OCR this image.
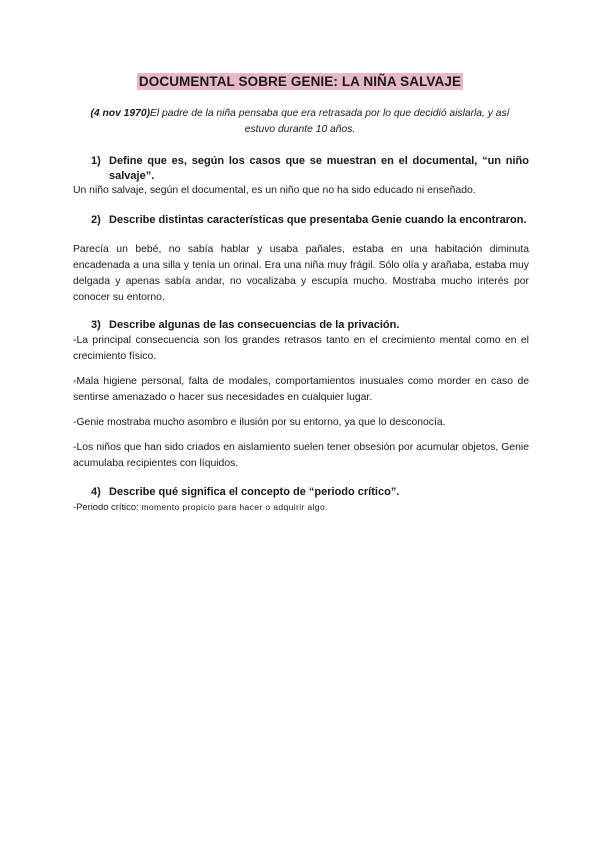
DOCUMENTAL SOBRE GENIE: LA NIÑA SALVAJE
(4 nov 1970)El padre de la niña pensaba que era retrasada por lo que decidió aislarla, y así estuvo durante 10 años.
1) Define que es, según los casos que se muestran en el documental, “un niño salvaje”.
Un niño salvaje, según el documental, es un niño que no ha sido educado ni enseñado.
2) Describe distintas características que presentaba Genie cuando la encontraron.
Parecía un bebé, no sabía hablar y usaba pañales, estaba en una habitación diminuta encadenada a una silla y tenía un orinal. Era una niña muy frágil. Sólo olía y arañaba, estaba muy delgada y apenas sabía andar, no vocalizaba y escupía mucho. Mostraba mucho interés por conocer su entorno.
3) Describe algunas de las consecuencias de la privación.
-La principal consecuencia son los grandes retrasos tanto en el crecimiento mental como en el crecimiento físico.
-Mala higiene personal, falta de modales, comportamientos inusuales como morder en caso de sentirse amenazado o hacer sus necesidades en cualquier lugar.
-Genie mostraba mucho asombro e ilusión por su entorno, ya que lo desconocía.
-Los niños que han sido criados en aislamiento suelen tener obsesión por acumular objetos, Genie acumulaba recipientes con líquidos.
4) Describe qué significa el concepto de “periodo crítico”.
-Periodo crítico: momento propicio para hacer o adquirir algo.
